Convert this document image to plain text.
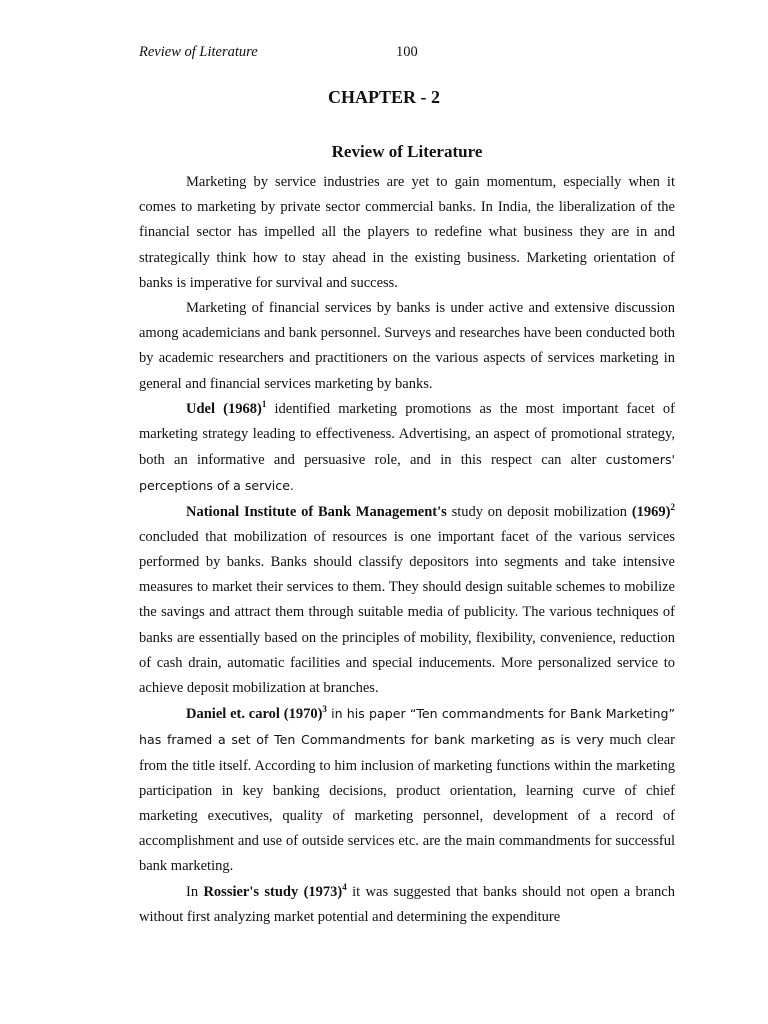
Review of Literature	100
CHAPTER - 2
Review of Literature

Marketing by service industries are yet to gain momentum, especially when it comes to marketing by private sector commercial banks. In India, the liberalization of the financial sector has impelled all the players to redefine what business they are in and strategically think how to stay ahead in the existing business. Marketing orientation of banks is imperative for survival and success.

Marketing of financial services by banks is under active and extensive discussion among academicians and bank personnel. Surveys and researches have been conducted both by academic researchers and practitioners on the various aspects of services marketing in general and financial services marketing by banks.

Udel $(1968)^1$ identified marketing promotions as the most important facet of marketing strategy leading to effectiveness. Advertising, an aspect of promotional strategy, both an informative and persuasive role, and in this respect can alter customers' perceptions of a service.

National Institute of Bank Management's study on deposit mobilization $(1969)^2$ concluded that mobilization of resources is one important facet of the various services performed by banks. Banks should classify depositors into segments and take intensive measures to market their services to them. They should design suitable schemes to mobilize the savings and attract them through suitable media of publicity. The various techniques of banks are essentially based on the principles of mobility, flexibility, convenience, reduction of cash drain, automatic facilities and special inducements. More personalized service to achieve deposit mobilization at branches.

Daniel et. carol $(1970)^3$ in his paper “Ten commandments for Bank Marketing” has framed a set of Ten Commandments for bank marketing as is very much clear from the title itself. According to him inclusion of marketing functions within the marketing participation in key banking decisions, product orientation, learning curve of chief marketing executives, quality of marketing personnel, development of a record of accomplishment and use of outside services etc. are the main commandments for successful bank marketing.

In Rossier's study $(1973)^4$ it was suggested that banks should not open a branch without first analyzing market potential and determining the expenditure
